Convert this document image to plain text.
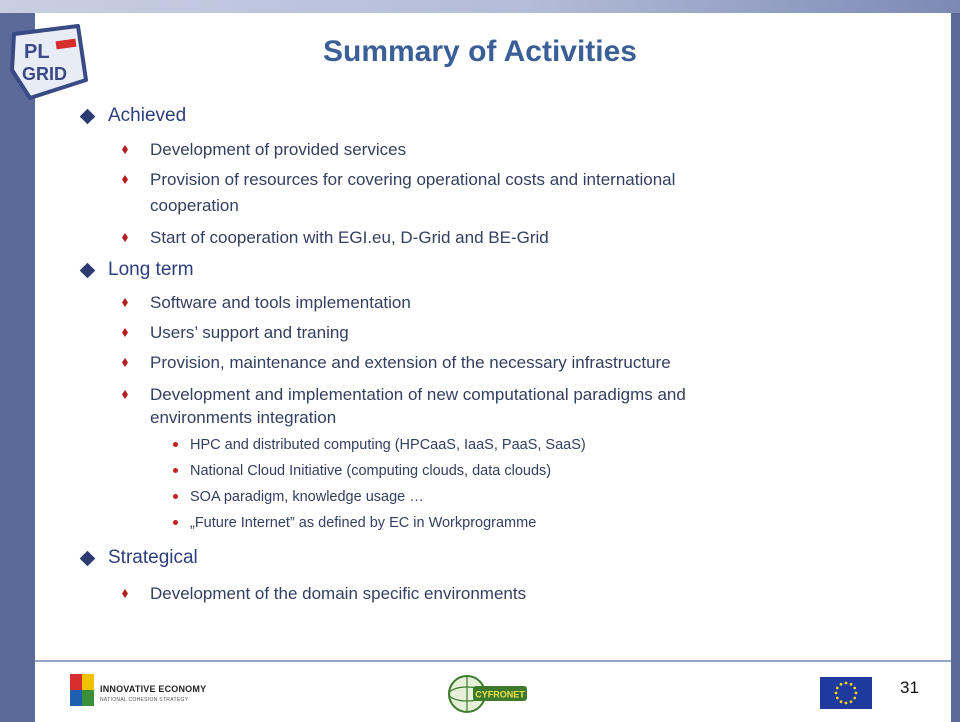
PL
GRID
Summary of Activities
Achieved
Development of provided services
Provision of resources for covering operational costs and international
cooperation
Start of cooperation with EGI.eu, D-Grid and BE-Grid
Long term
Software and tools implementation
Users’ support and traning
Provision, maintenance and extension of the necessary infrastructure
Development and implementation of new computational paradigms and
environments integration
HPC and distributed computing (HPCaaS, IaaS, PaaS, SaaS)
National Cloud Initiative (computing clouds, data clouds)
SOA paradigm, knowledge usage …
„Future Internet” as defined by EC in Workprogramme
Strategical
Development of the domain specific environments
INNOVATIVE ECONOMY
NATIONAL COHESION STRATEGY
CYFRONET	31
